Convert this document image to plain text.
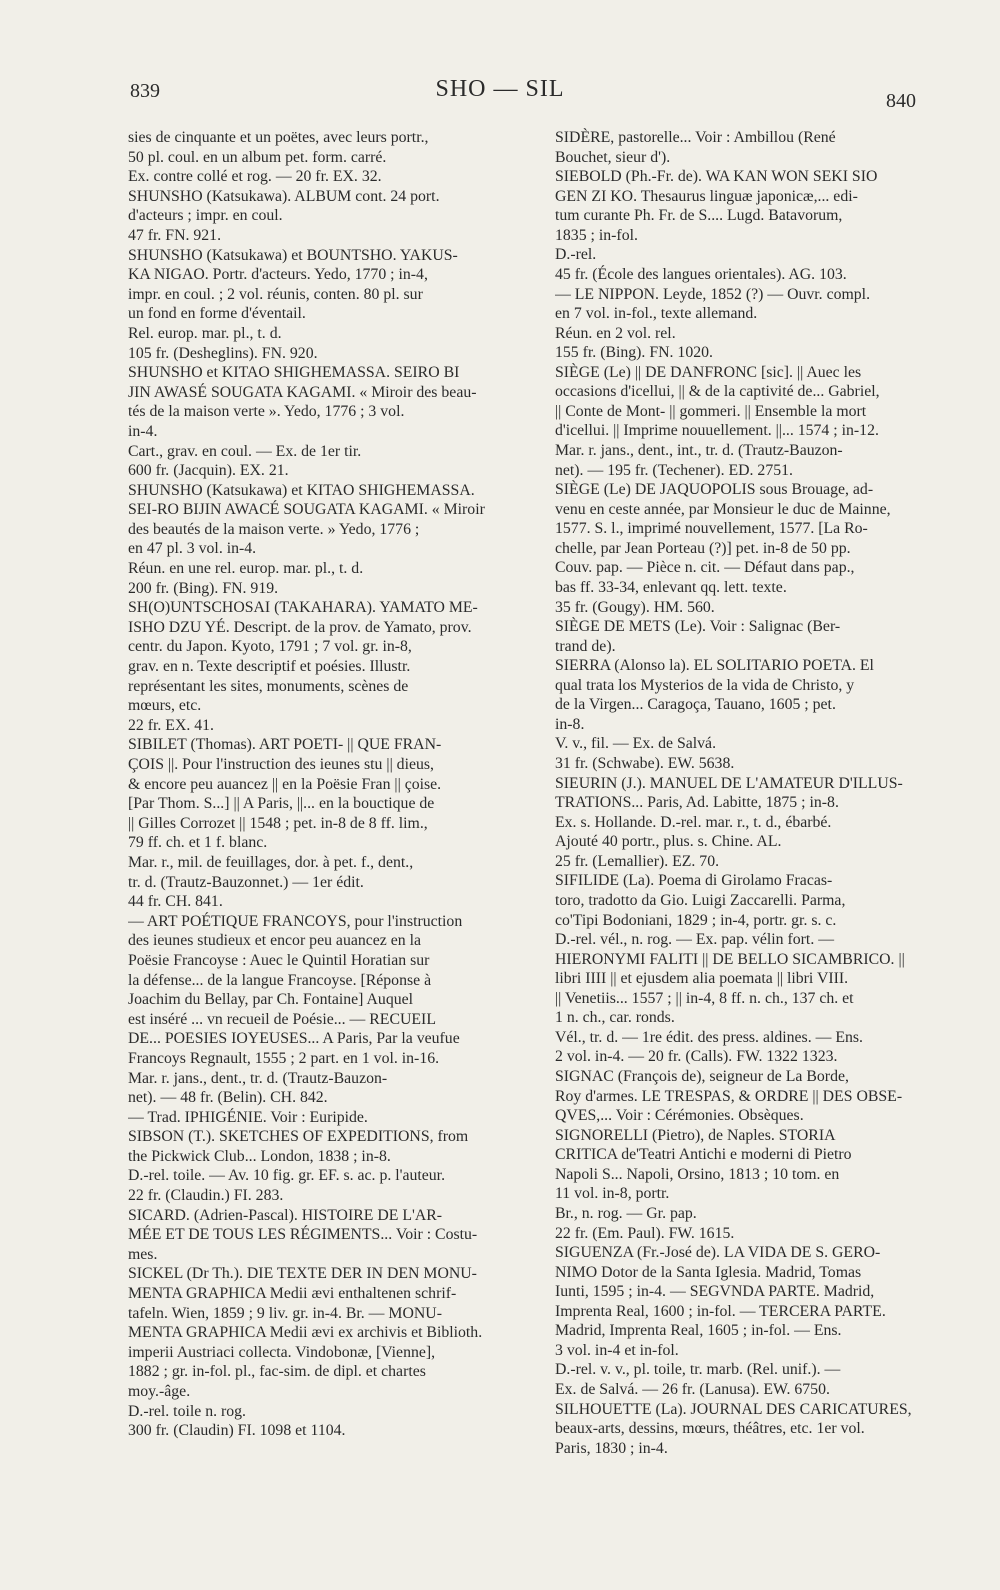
839	SHO — SIL	840
sies de cinquante et un poëtes, avec leurs portr.,
50 pl. coul. en un album pet. form. carré.
Ex. contre collé et rog. — 20 fr. EX. 32.
SHUNSHO (Katsukawa). ALBUM cont. 24 port.
d'acteurs ; impr. en coul.
47 fr. FN. 921.
SHUNSHO (Katsukawa) et BOUNTSHO. YAKUS-
KA NIGAO. Portr. d'acteurs. Yedo, 1770 ; in-4,
impr. en coul. ; 2 vol. réunis, conten. 80 pl. sur
un fond en forme d'éventail.
Rel. europ. mar. pl., t. d.
105 fr. (Desheglins). FN. 920.
SHUNSHO et KITAO SHIGHEMASSA. SEIRO BI
JIN AWASÉ SOUGATA KAGAMI. « Miroir des beau-
tés de la maison verte ». Yedo, 1776 ; 3 vol.
in-4.
Cart., grav. en coul. — Ex. de 1er tir.
600 fr. (Jacquin). EX. 21.
SHUNSHO (Katsukawa) et KITAO SHIGHEMASSA.
SEI-RO BIJIN AWACÉ SOUGATA KAGAMI. « Miroir
des beautés de la maison verte. » Yedo, 1776 ;
en 47 pl. 3 vol. in-4.
Réun. en une rel. europ. mar. pl., t. d.
200 fr. (Bing). FN. 919.
SH(O)UNTSCHOSAI (TAKAHARA). YAMATO ME-
ISHO DZU YÉ. Descript. de la prov. de Yamato, prov.
centr. du Japon. Kyoto, 1791 ; 7 vol. gr. in-8,
grav. en n. Texte descriptif et poésies. Illustr.
représentant les sites, monuments, scènes de
mœurs, etc.
22 fr. EX. 41.
SIBILET (Thomas). ART POETI- || QUE FRAN-
ÇOIS ||. Pour l'instruction des ieunes stu || dieus,
& encore peu auancez || en la Poësie Fran || çoise.
[Par Thom. S...] || A Paris, ||... en la bouctique de
|| Gilles Corrozet || 1548 ; pet. in-8 de 8 ff. lim.,
79 ff. ch. et 1 f. blanc.
Mar. r., mil. de feuillages, dor. à pet. f., dent.,
tr. d. (Trautz-Bauzonnet.) — 1er édit.
44 fr. CH. 841.
— ART POÉTIQUE FRANCOYS, pour l'instruction
des ieunes studieux et encor peu auancez en la
Poësie Francoyse : Auec le Quintil Horatian sur
la défense... de la langue Francoyse. [Réponse à
Joachim du Bellay, par Ch. Fontaine] Auquel
est inséré ... vn recueil de Poésie... — RECUEIL
DE... POESIES IOYEUSES... A Paris, Par la veufue
Francoys Regnault, 1555 ; 2 part. en 1 vol. in-16.
Mar. r. jans., dent., tr. d. (Trautz-Bauzon-
net). — 48 fr. (Belin). CH. 842.
— Trad. IPHIGÉNIE. Voir : Euripide.
SIBSON (T.). SKETCHES OF EXPEDITIONS, from
the Pickwick Club... London, 1838 ; in-8.
D.-rel. toile. — Av. 10 fig. gr. EF. s. ac. p. l'auteur.
22 fr. (Claudin.) FI. 283.
SICARD. (Adrien-Pascal). HISTOIRE DE L'AR-
MÉE ET DE TOUS LES RÉGIMENTS... Voir : Costu-
mes.
SICKEL (Dr Th.). DIE TEXTE DER IN DEN MONU-
MENTA GRAPHICA Medii ævi enthaltenen schrif-
tafeln. Wien, 1859 ; 9 liv. gr. in-4. Br. — MONU-
MENTA GRAPHICA Medii ævi ex archivis et Biblioth.
imperii Austriaci collecta. Vindobonæ, [Vienne],
1882 ; gr. in-fol. pl., fac-sim. de dipl. et chartes
moy.-âge.
D.-rel. toile n. rog.
300 fr. (Claudin) FI. 1098 et 1104.
SIDÈRE, pastorelle... Voir : Ambillou (René
Bouchet, sieur d').
SIEBOLD (Ph.-Fr. de). WA KAN WON SEKI SIO
GEN ZI KO. Thesaurus linguæ japonicæ,... edi-
tum curante Ph. Fr. de S.... Lugd. Batavorum,
1835 ; in-fol.
D.-rel.
45 fr. (École des langues orientales). AG. 103.
— LE NIPPON. Leyde, 1852 (?) — Ouvr. compl.
en 7 vol. in-fol., texte allemand.
Réun. en 2 vol. rel.
155 fr. (Bing). FN. 1020.
SIÈGE (Le) || DE DANFRONC [sic]. || Auec les
occasions d'icellui, || & de la captivité de... Gabriel,
|| Conte de Mont- || gommeri. || Ensemble la mort
d'icellui. || Imprime nouuellement. ||... 1574 ; in-12.
Mar. r. jans., dent., int., tr. d. (Trautz-Bauzon-
net). — 195 fr. (Techener). ED. 2751.
SIÈGE (Le) DE JAQUOPOLIS sous Brouage, ad-
venu en ceste année, par Monsieur le duc de Mainne,
1577. S. l., imprimé nouvellement, 1577. [La Ro-
chelle, par Jean Porteau (?)] pet. in-8 de 50 pp.
Couv. pap. — Pièce n. cit. — Défaut dans pap.,
bas ff. 33-34, enlevant qq. lett. texte.
35 fr. (Gougy). HM. 560.
SIÈGE DE METS (Le). Voir : Salignac (Ber-
trand de).
SIERRA (Alonso la). EL SOLITARIO POETA. El
qual trata los Mysterios de la vida de Christo, y
de la Virgen... Caragoça, Tauano, 1605 ; pet.
in-8.
V. v., fil. — Ex. de Salvá.
31 fr. (Schwabe). EW. 5638.
SIEURIN (J.). MANUEL DE L'AMATEUR D'ILLUS-
TRATIONS... Paris, Ad. Labitte, 1875 ; in-8.
Ex. s. Hollande. D.-rel. mar. r., t. d., ébarbé.
Ajouté 40 portr., plus. s. Chine. AL.
25 fr. (Lemallier). EZ. 70.
SIFILIDE (La). Poema di Girolamo Fracas-
toro, tradotto da Gio. Luigi Zaccarelli. Parma,
co'Tipi Bodoniani, 1829 ; in-4, portr. gr. s. c.
D.-rel. vél., n. rog. — Ex. pap. vélin fort. —
HIERONYMI FALITI || DE BELLO SICAMBRICO. ||
libri IIII || et ejusdem alia poemata || libri VIII.
|| Venetiis... 1557 ; || in-4, 8 ff. n. ch., 137 ch. et
1 n. ch., car. ronds.
Vél., tr. d. — 1re édit. des press. aldines. — Ens.
2 vol. in-4. — 20 fr. (Calls). FW. 1322 1323.
SIGNAC (François de), seigneur de La Borde,
Roy d'armes. LE TRESPAS, & ORDRE || DES OBSE-
QVES,... Voir : Cérémonies. Obsèques.
SIGNORELLI (Pietro), de Naples. STORIA
CRITICA de'Teatri Antichi e moderni di Pietro
Napoli S... Napoli, Orsino, 1813 ; 10 tom. en
11 vol. in-8, portr.
Br., n. rog. — Gr. pap.
22 fr. (Em. Paul). FW. 1615.
SIGUENZA (Fr.-José de). LA VIDA DE S. GERO-
NIMO Dotor de la Santa Iglesia. Madrid, Tomas
Iunti, 1595 ; in-4. — SEGVNDA PARTE. Madrid,
Imprenta Real, 1600 ; in-fol. — TERCERA PARTE.
Madrid, Imprenta Real, 1605 ; in-fol. — Ens.
3 vol. in-4 et in-fol.
D.-rel. v. v., pl. toile, tr. marb. (Rel. unif.). —
Ex. de Salvá. — 26 fr. (Lanusa). EW. 6750.
SILHOUETTE (La). JOURNAL DES CARICATURES,
beaux-arts, dessins, mœurs, théâtres, etc. 1er vol.
Paris, 1830 ; in-4.
